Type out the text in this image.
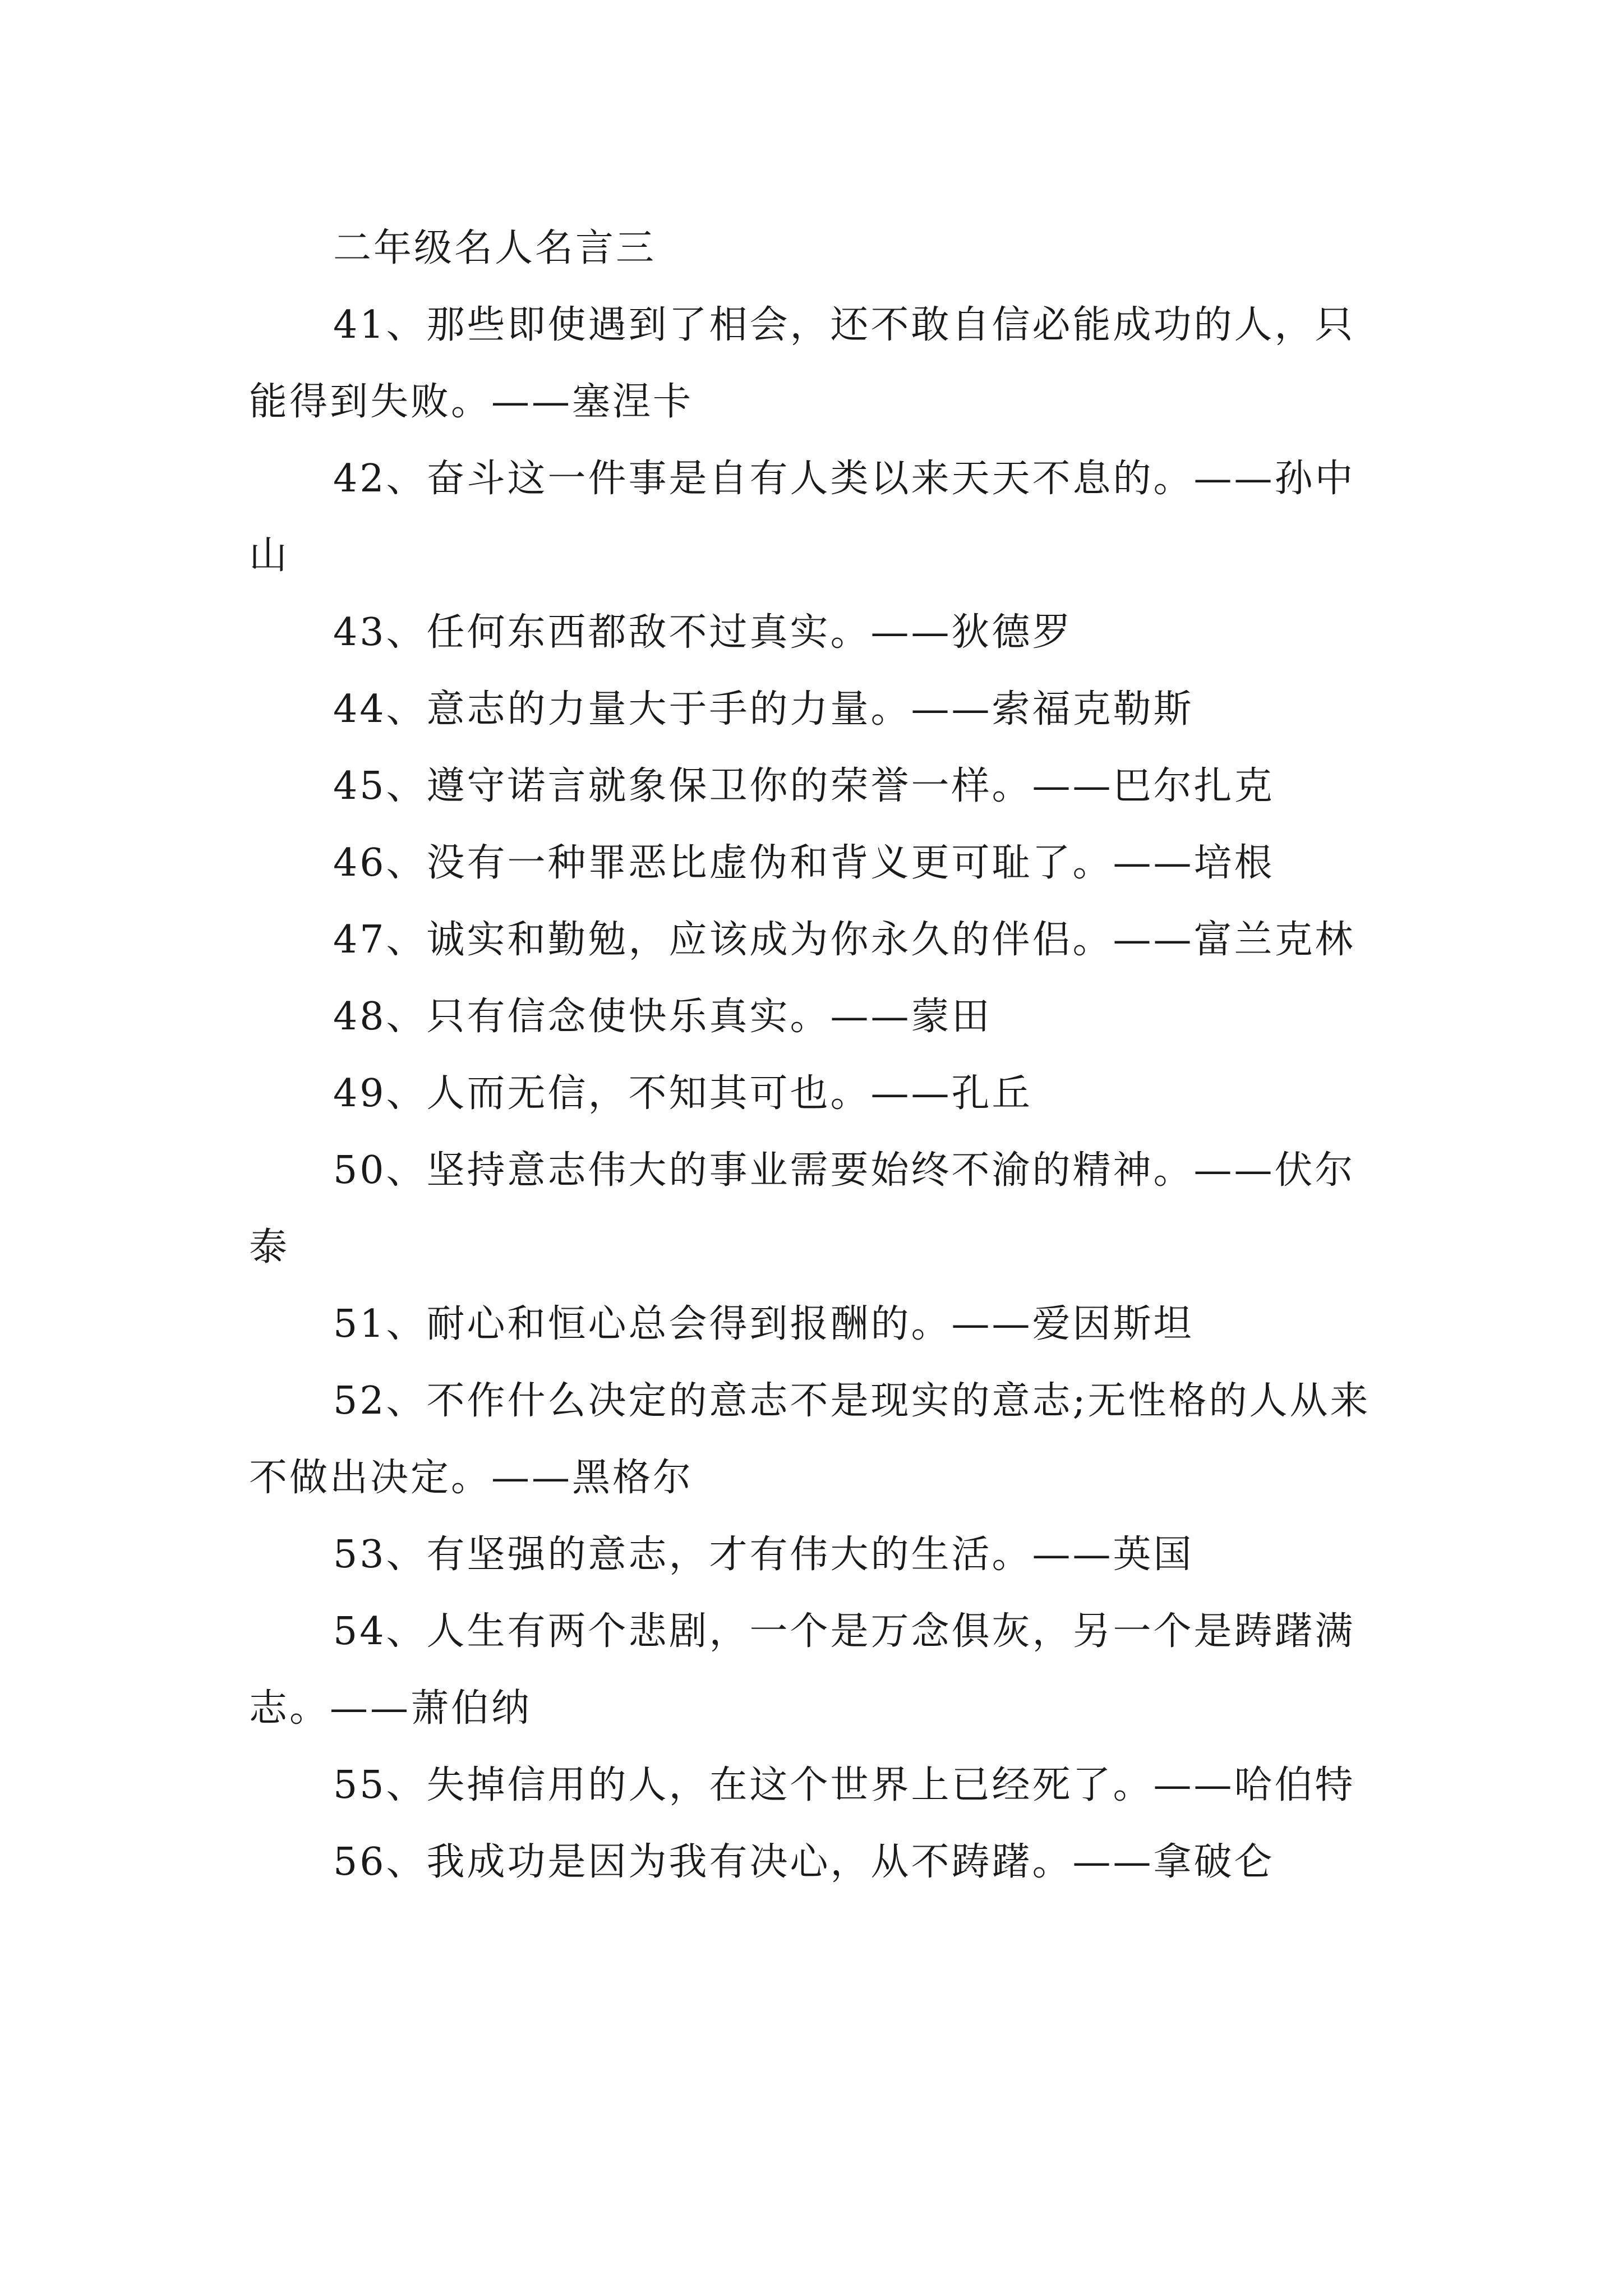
二年级名人名言三

41、那些即使遇到了相会，还不敢自信必能成功的人，只能得到失败。——塞涅卡

42、奋斗这一件事是自有人类以来天天不息的。——孙中山

43、任何东西都敌不过真实。——狄德罗

44、意志的力量大于手的力量。——索福克勒斯

45、遵守诺言就象保卫你的荣誉一样。——巴尔扎克

46、没有一种罪恶比虚伪和背义更可耻了。——培根

47、诚实和勤勉，应该成为你永久的伴侣。——富兰克林

48、只有信念使快乐真实。——蒙田

49、人而无信，不知其可也。——孔丘

50、坚持意志伟大的事业需要始终不渝的精神。——伏尔泰

51、耐心和恒心总会得到报酬的。——爱因斯坦

52、不作什么决定的意志不是现实的意志;无性格的人从来不做出决定。——黑格尔

53、有坚强的意志，才有伟大的生活。——英国

54、人生有两个悲剧，一个是万念俱灰，另一个是踌躇满志。——萧伯纳

55、失掉信用的人，在这个世界上已经死了。——哈伯特

56、我成功是因为我有决心，从不踌躇。——拿破仑
